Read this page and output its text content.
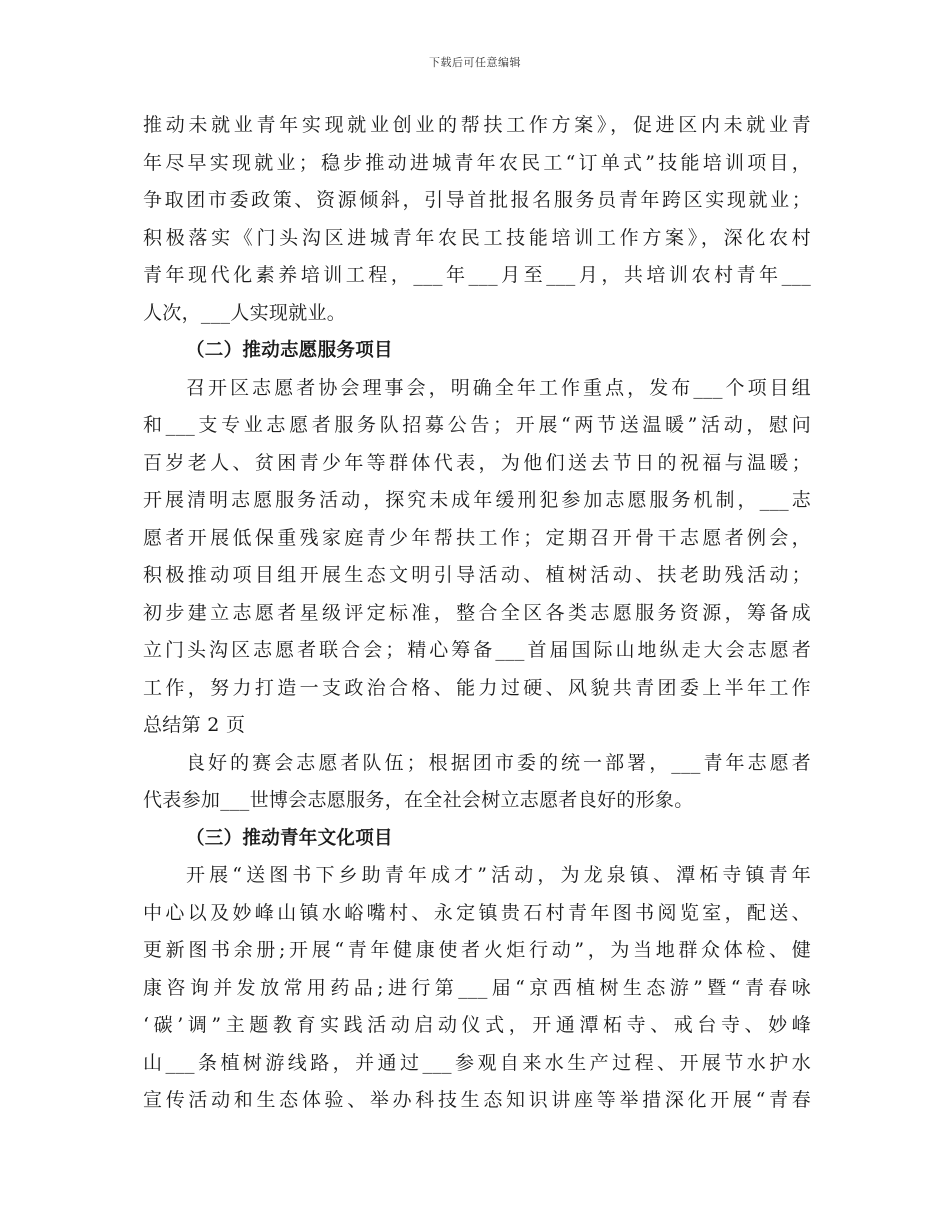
下载后可任意编辑
推动未就业青年实现就业创业的帮扶工作方案》，促进区内未就业青
年尽早实现就业；稳步推动进城青年农民工“订单式”技能培训项目，
争取团市委政策、资源倾斜，引导首批报名服务员青年跨区实现就业；
积极落实《门头沟区进城青年农民工技能培训工作方案》，深化农村
青年现代化素养培训工程，___年___月至___月，共培训农村青年___
人次，___人实现就业。
（二）推动志愿服务项目
召开区志愿者协会理事会，明确全年工作重点，发布___个项目组
和___支专业志愿者服务队招募公告；开展“两节送温暖”活动，慰问
百岁老人、贫困青少年等群体代表，为他们送去节日的祝福与温暖；
开展清明志愿服务活动，探究未成年缓刑犯参加志愿服务机制，___志
愿者开展低保重残家庭青少年帮扶工作；定期召开骨干志愿者例会，
积极推动项目组开展生态文明引导活动、植树活动、扶老助残活动；
初步建立志愿者星级评定标准，整合全区各类志愿服务资源，筹备成
立门头沟区志愿者联合会；精心筹备___首届国际山地纵走大会志愿者
工作，努力打造一支政治合格、能力过硬、风貌共青团委上半年工作
总结第 2 页
良好的赛会志愿者队伍；根据团市委的统一部署，___青年志愿者
代表参加___世博会志愿服务，在全社会树立志愿者良好的形象。
（三）推动青年文化项目
开展“送图书下乡助青年成才”活动，为龙泉镇、潭柘寺镇青年
中心以及妙峰山镇水峪嘴村、永定镇贵石村青年图书阅览室，配送、
更新图书余册;开展“青年健康使者火炬行动”，为当地群众体检、健
康咨询并发放常用药品;进行第___届“京西植树生态游”暨“青春咏
‘碳’调”主题教育实践活动启动仪式，开通潭柘寺、戒台寺、妙峰
山___条植树游线路，并通过___参观自来水生产过程、开展节水护水
宣传活动和生态体验、举办科技生态知识讲座等举措深化开展“青春
